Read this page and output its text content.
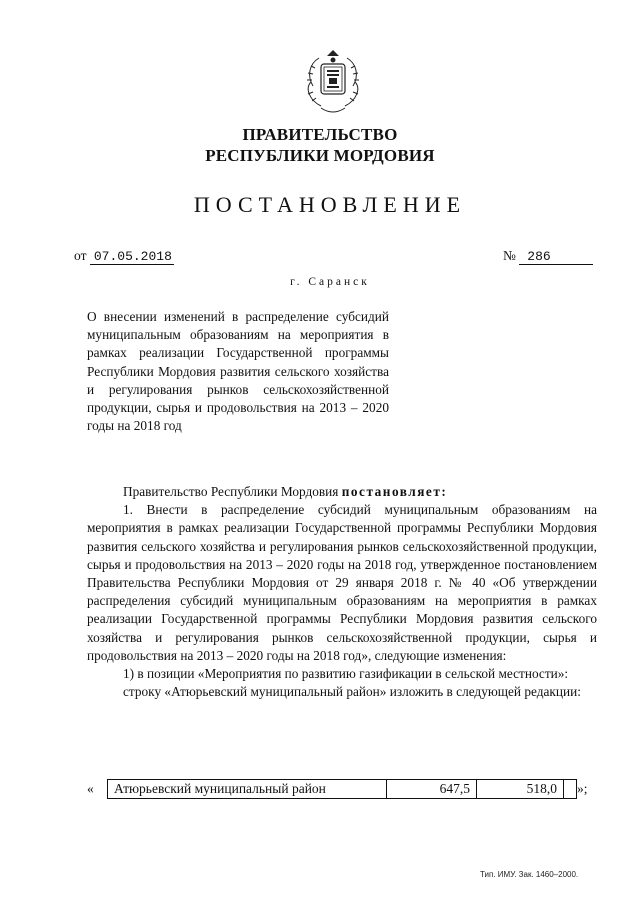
ПРАВИТЕЛЬСТВО
РЕСПУБЛИКИ МОРДОВИЯ
ПОСТАНОВЛЕНИЕ
от 07.05.2018	№ 286
г. Саранск
О внесении изменений в распределение субсидий муниципальным образованиям на мероприятия в рамках реализации Государственной программы Республики Мордовия развития сельского хозяйства и регулирования рынков сельскохозяйственной продукции, сырья и продовольствия на 2013 – 2020 годы на 2018 год

Правительство Республики Мордовия постановляет:

1. Внести в распределение субсидий муниципальным образованиям на мероприятия в рамках реализации Государственной программы Республики Мордовия развития сельского хозяйства и регулирования рынков сельскохозяйственной продукции, сырья и продовольствия на 2013 – 2020 годы на 2018 год, утвержденное постановлением Правительства Республики Мордовия от 29 января 2018 г. № 40 «Об утверждении распределения субсидий муниципальным образованиям на мероприятия в рамках реализации Государственной программы Республики Мордовия развития сельского хозяйства и регулирования рынков сельскохозяйственной продукции, сырья и продовольствия на 2013 – 2020 годы на 2018 год», следующие изменения:

1) в позиции «Мероприятия по развитию газификации в сельской местности»:

строку «Атюрьевский муниципальный район» изложить в следующей редакции:

«	Атюрьевский муниципальный район	647,5	518,0	»;
Тип. ИМУ. Зак. 1460–2000.
